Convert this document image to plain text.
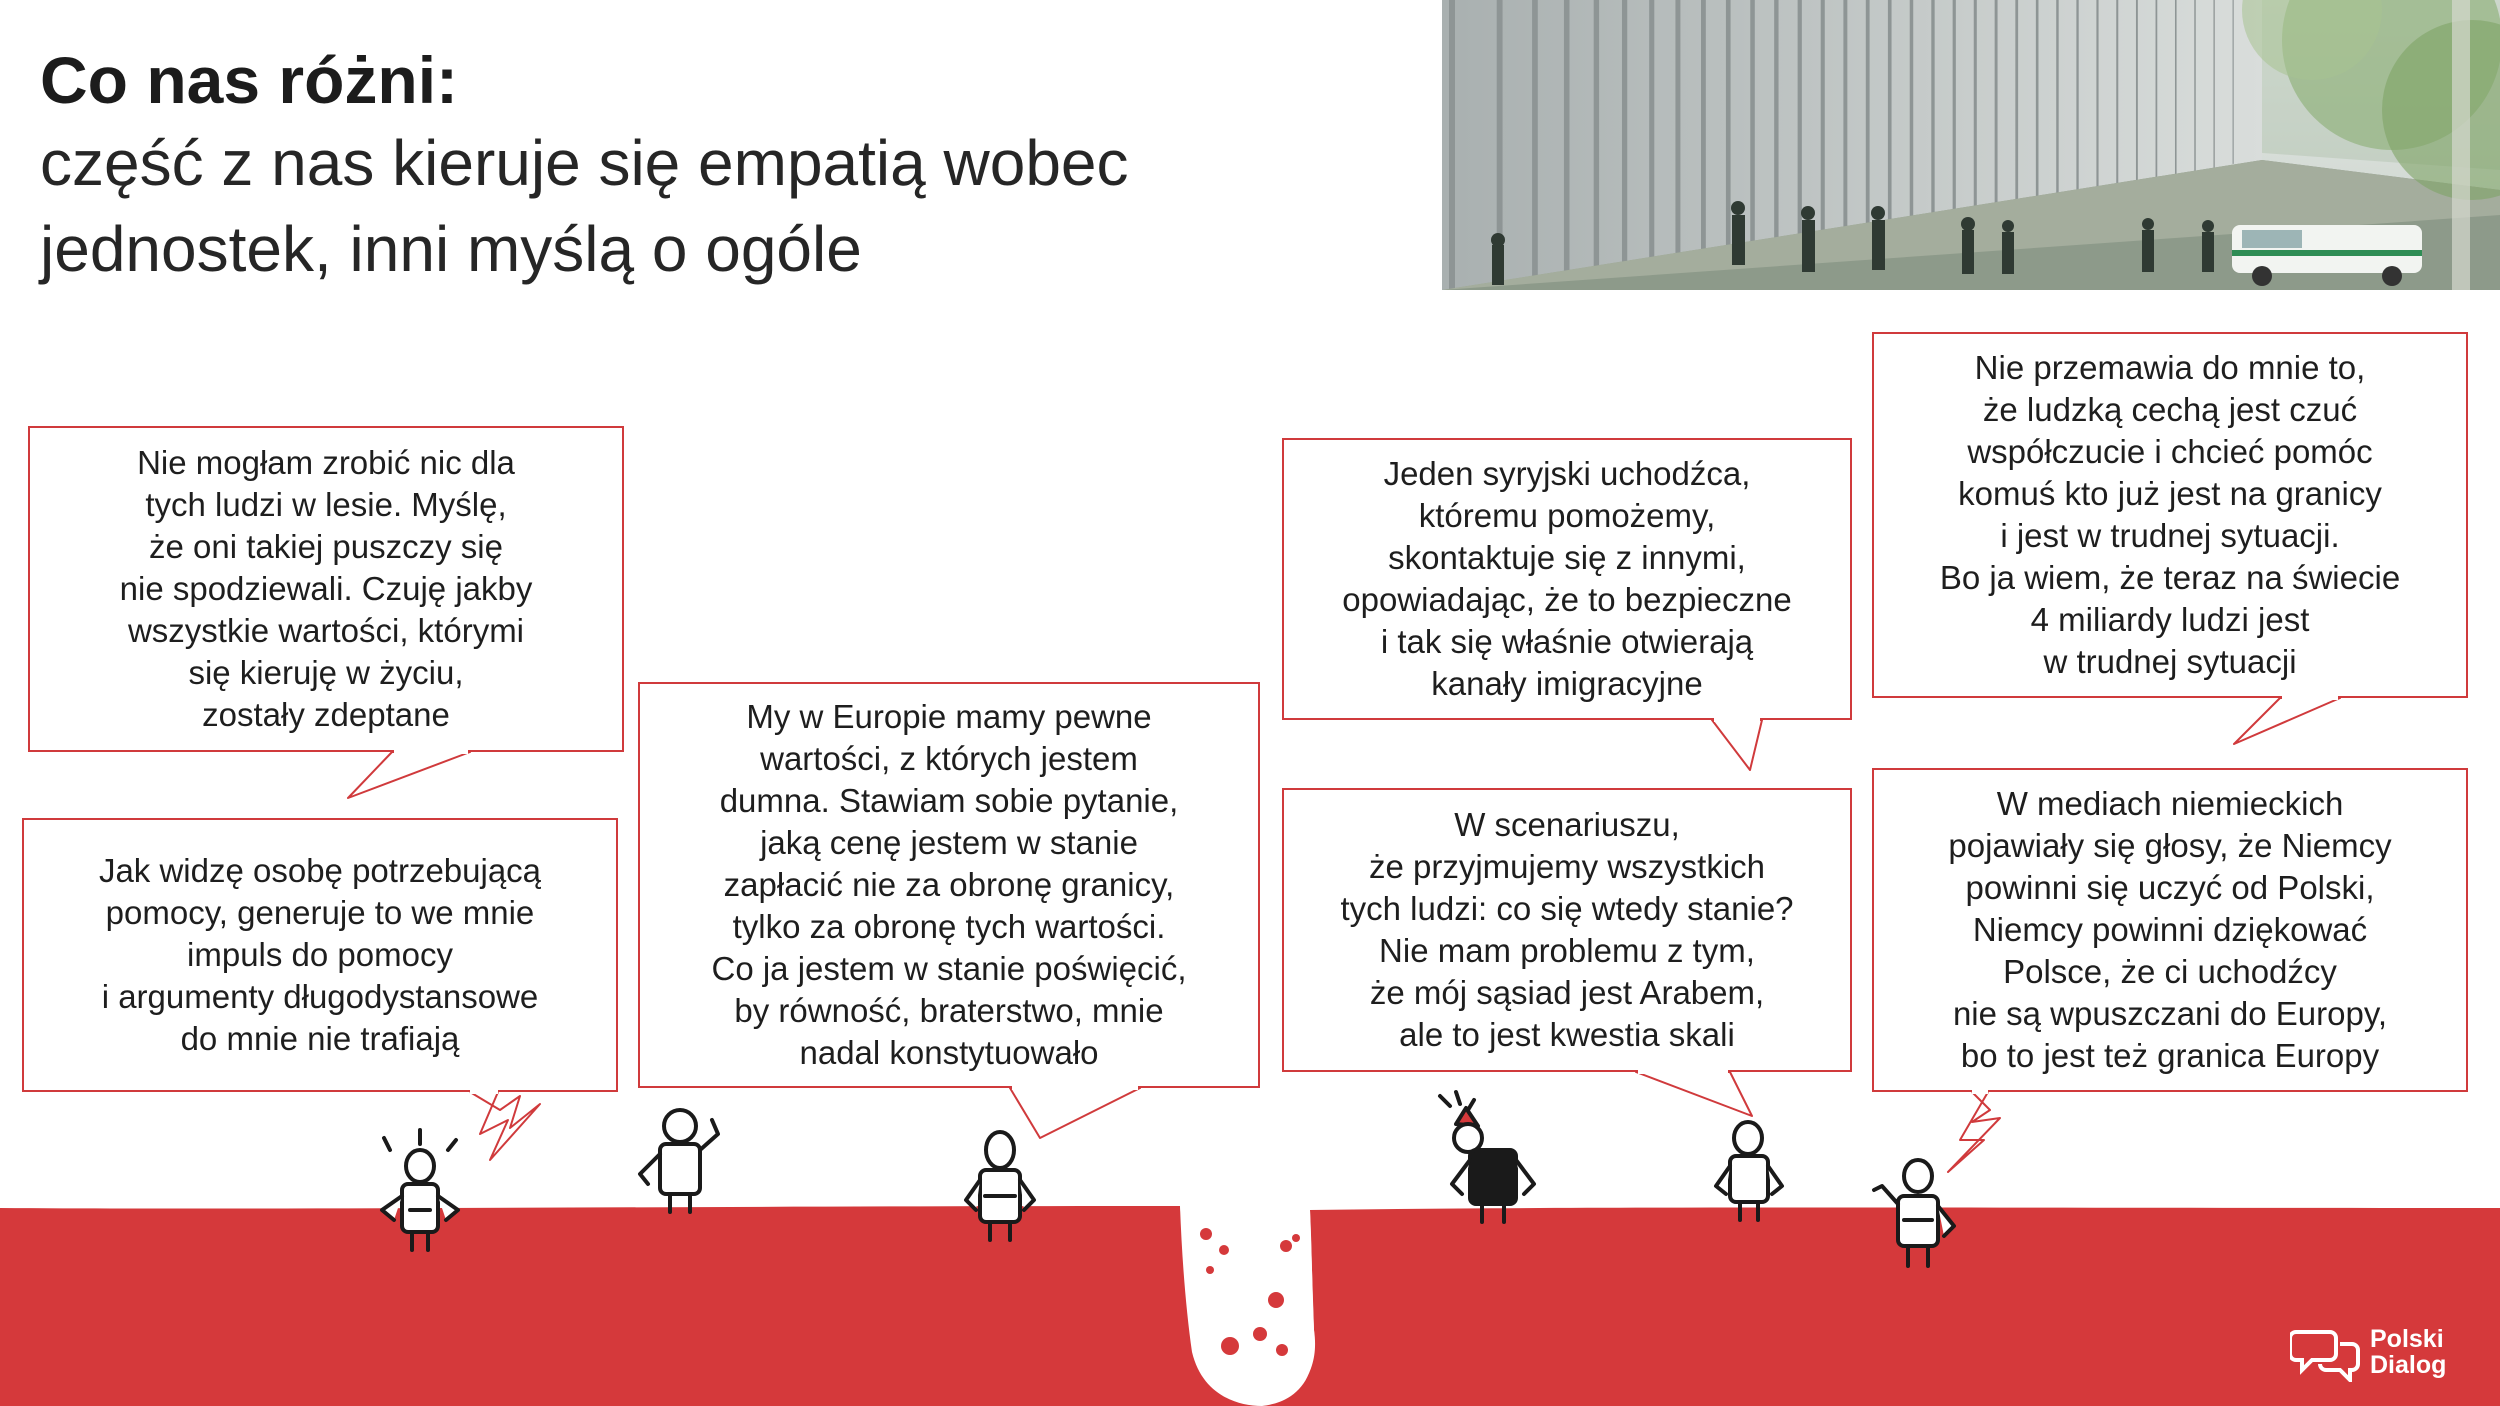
Co nas różni:

część z nas kieruje się empatią wobec

jednostek, inni myślą o ogóle

Nie mogłam zrobić nic dla
tych ludzi w lesie. Myślę,
że oni takiej puszczy się
nie spodziewali. Czuję jakby
wszystkie wartości, którymi
się kieruję w życiu,
zostały zdeptane
Jak widzę osobę potrzebującą
pomocy, generuje to we mnie
impuls do pomocy
i argumenty długodystansowe
do mnie nie trafiają
My w Europie mamy pewne
wartości, z których jestem
dumna. Stawiam sobie pytanie,
jaką cenę jestem w stanie
zapłacić nie za obronę granicy,
tylko za obronę tych wartości.
Co ja jestem w stanie poświęcić,
by równość, braterstwo, mnie
nadal konstytuowało
Jeden syryjski uchodźca,
któremu pomożemy,
skontaktuje się z innymi,
opowiadając, że to bezpieczne
i tak się właśnie otwierają
kanały imigracyjne
W scenariuszu,
że przyjmujemy wszystkich
tych ludzi: co się wtedy stanie?
Nie mam problemu z tym,
że mój sąsiad jest Arabem,
ale to jest kwestia skali
Nie przemawia do mnie to,
że ludzką cechą jest czuć
współczucie i chcieć pomóc
komuś kto już jest na granicy
i jest w trudnej sytuacji.
Bo ja wiem, że teraz na świecie
4 miliardy ludzi jest
w trudnej sytuacji
W mediach niemieckich
pojawiały się głosy, że Niemcy
powinni się uczyć od Polski,
Niemcy powinni dziękować
Polsce, że ci uchodźcy
nie są wpuszczani do Europy,
bo to jest też granica Europy
Polski
Dialog
